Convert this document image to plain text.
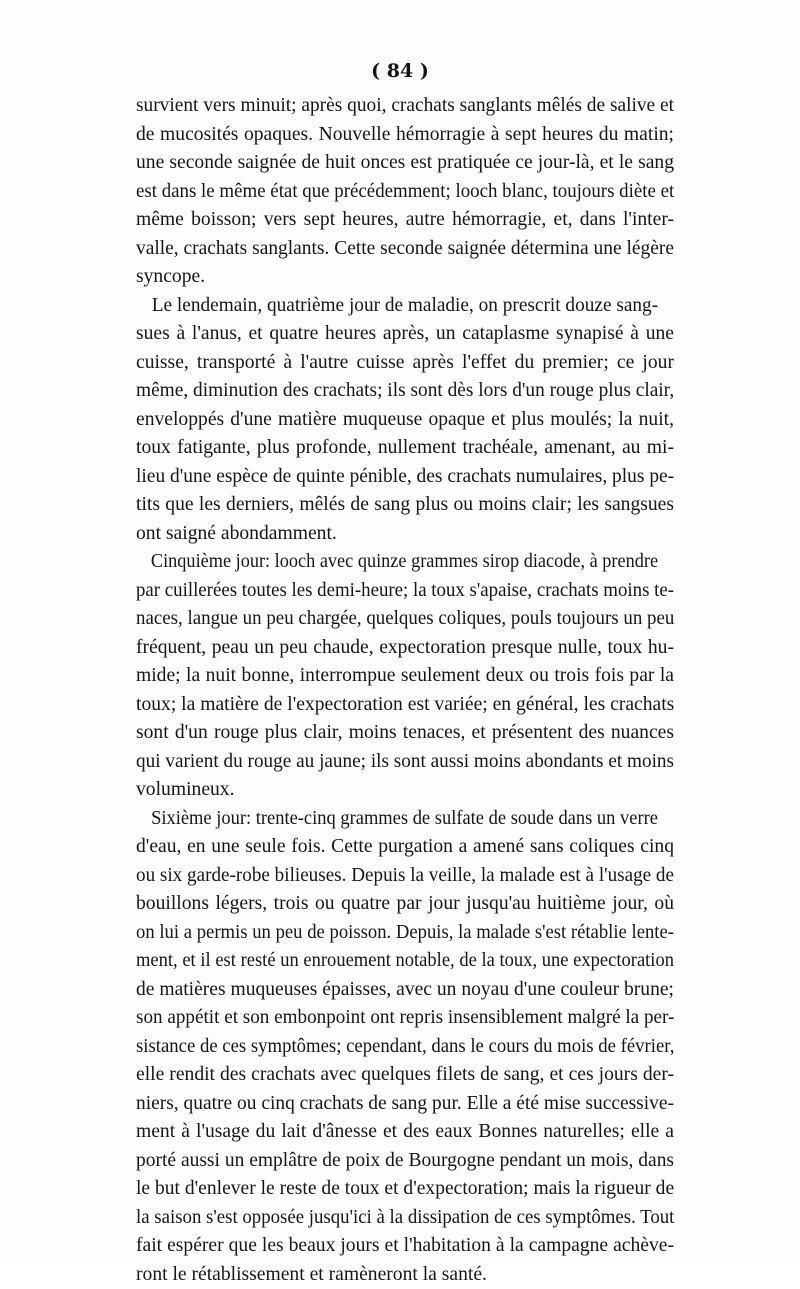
( 84 )

survient vers minuit; après quoi, crachats sanglants mêlés de salive et
de mucosités opaques. Nouvelle hémorragie à sept heures du matin;
une seconde saignée de huit onces est pratiquée ce jour-là, et le sang
est dans le même état que précédemment; looch blanc, toujours diète et
même boisson; vers sept heures, autre hémorragie, et, dans l'inter-
valle, crachats sanglants. Cette seconde saignée détermina une légère
syncope.

Le lendemain, quatrième jour de maladie, on prescrit douze sang-
sues à l'anus, et quatre heures après, un cataplasme synapisé à une
cuisse, transporté à l'autre cuisse après l'effet du premier; ce jour
même, diminution des crachats; ils sont dès lors d'un rouge plus clair,
enveloppés d'une matière muqueuse opaque et plus moulés; la nuit,
toux fatigante, plus profonde, nullement trachéale, amenant, au mi-
lieu d'une espèce de quinte pénible, des crachats numulaires, plus pe-
tits que les derniers, mêlés de sang plus ou moins clair; les sangsues
ont saigné abondamment.

Cinquième jour: looch avec quinze grammes sirop diacode, à prendre
par cuillerées toutes les demi-heure; la toux s'apaise, crachats moins te-
naces, langue un peu chargée, quelques coliques, pouls toujours un peu
fréquent, peau un peu chaude, expectoration presque nulle, toux hu-
mide; la nuit bonne, interrompue seulement deux ou trois fois par la
toux; la matière de l'expectoration est variée; en général, les crachats
sont d'un rouge plus clair, moins tenaces, et présentent des nuances
qui varient du rouge au jaune; ils sont aussi moins abondants et moins
volumineux.

Sixième jour: trente-cinq grammes de sulfate de soude dans un verre
d'eau, en une seule fois. Cette purgation a amené sans coliques cinq
ou six garde-robe bilieuses. Depuis la veille, la malade est à l'usage de
bouillons légers, trois ou quatre par jour jusqu'au huitième jour, où
on lui a permis un peu de poisson. Depuis, la malade s'est rétablie lente-
ment, et il est resté un enrouement notable, de la toux, une expectoration
de matières muqueuses épaisses, avec un noyau d'une couleur brune;
son appétit et son embonpoint ont repris insensiblement malgré la per-
sistance de ces symptômes; cependant, dans le cours du mois de février,
elle rendit des crachats avec quelques filets de sang, et ces jours der-
niers, quatre ou cinq crachats de sang pur. Elle a été mise successive-
ment à l'usage du lait d'ânesse et des eaux Bonnes naturelles; elle a
porté aussi un emplâtre de poix de Bourgogne pendant un mois, dans
le but d'enlever le reste de toux et d'expectoration; mais la rigueur de
la saison s'est opposée jusqu'ici à la dissipation de ces symptômes. Tout
fait espérer que les beaux jours et l'habitation à la campagne achève-
ront le rétablissement et ramèneront la santé.
